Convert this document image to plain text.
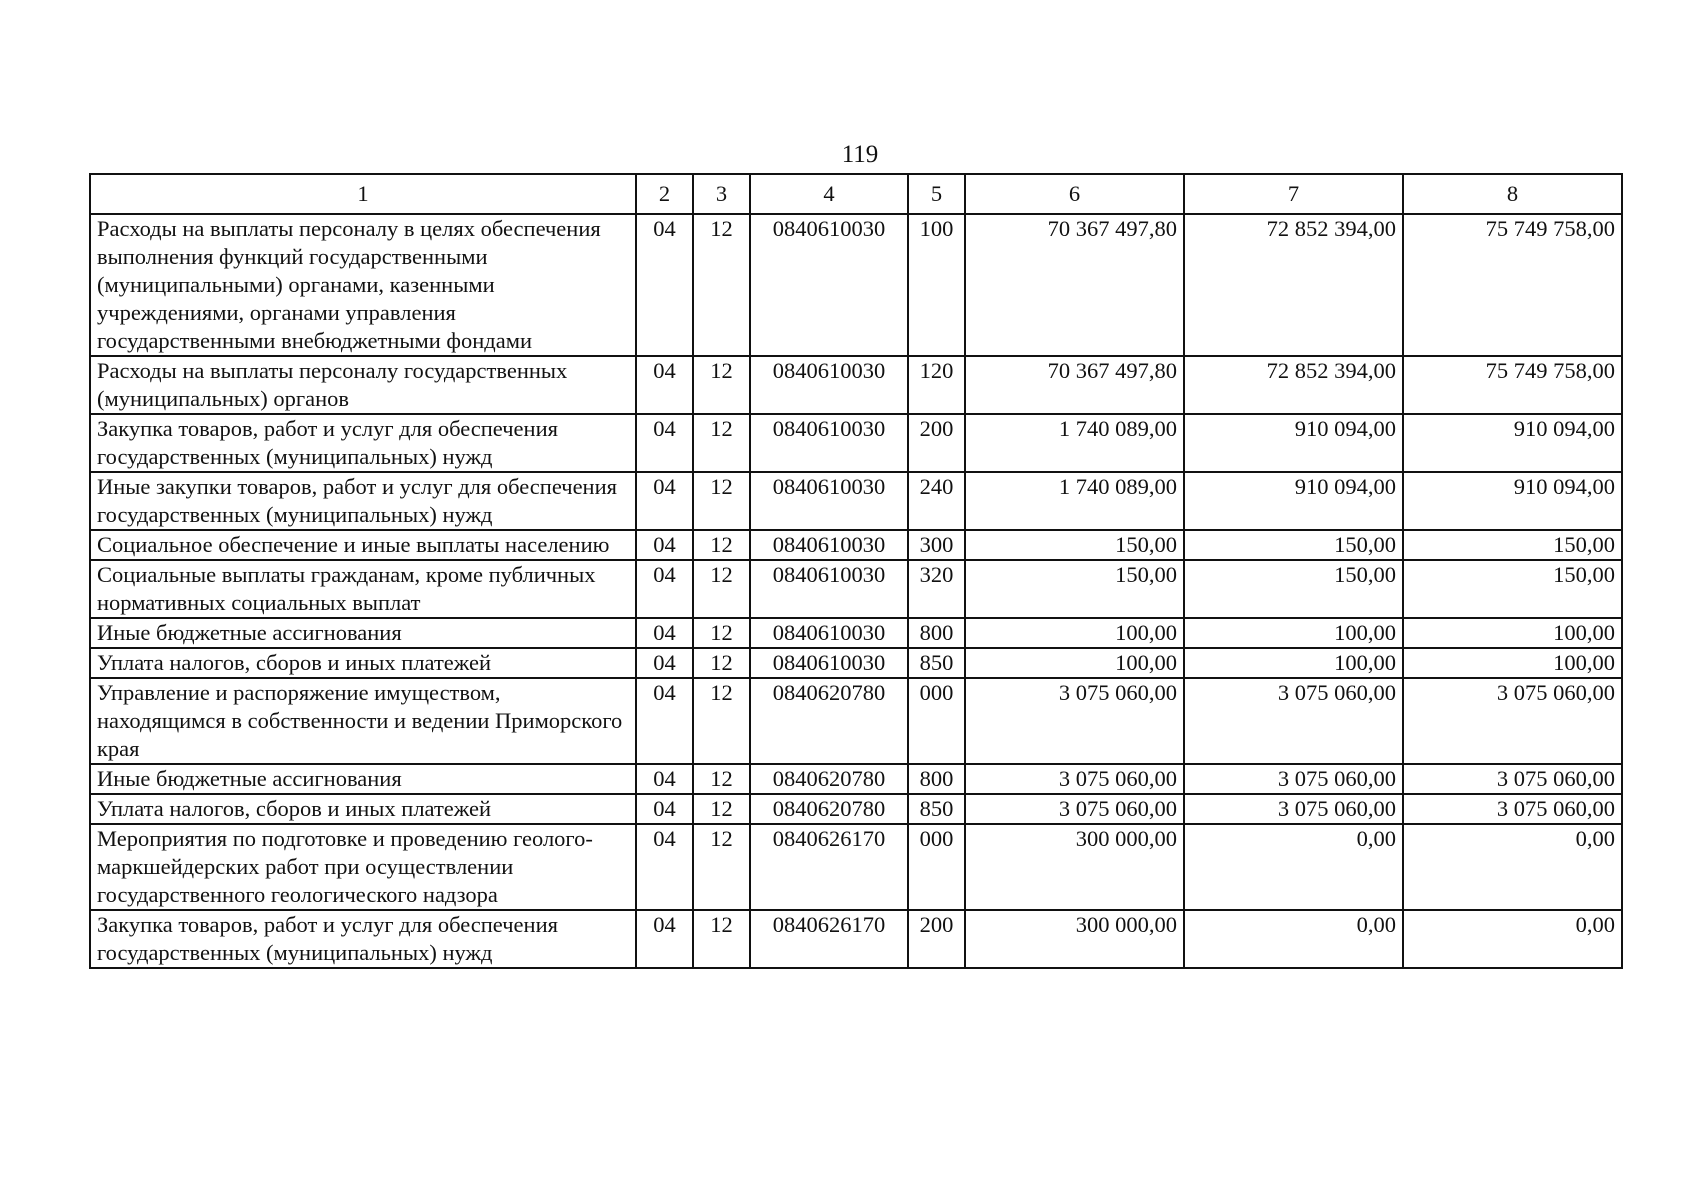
119
1	2	3	4	5	6	7	8
Расходы на выплаты персоналу в целях обеспечения выполнения функций государственными (муниципальными) органами, казенными учреждениями, органами управления государственными внебюджетными фондами	04	12	0840610030	100	70 367 497,80	72 852 394,00	75 749 758,00
Расходы на выплаты персоналу государственных (муниципальных) органов	04	12	0840610030	120	70 367 497,80	72 852 394,00	75 749 758,00
Закупка товаров, работ и услуг для обеспечения государственных (муниципальных) нужд	04	12	0840610030	200	1 740 089,00	910 094,00	910 094,00
Иные закупки товаров, работ и услуг для обеспечения государственных (муниципальных) нужд	04	12	0840610030	240	1 740 089,00	910 094,00	910 094,00
Социальное обеспечение и иные выплаты населению	04	12	0840610030	300	150,00	150,00	150,00
Социальные выплаты гражданам, кроме публичных нормативных социальных выплат	04	12	0840610030	320	150,00	150,00	150,00
Иные бюджетные ассигнования	04	12	0840610030	800	100,00	100,00	100,00
Уплата налогов, сборов и иных платежей	04	12	0840610030	850	100,00	100,00	100,00
Управление и распоряжение имуществом, находящимся в собственности и ведении Приморского края	04	12	0840620780	000	3 075 060,00	3 075 060,00	3 075 060,00
Иные бюджетные ассигнования	04	12	0840620780	800	3 075 060,00	3 075 060,00	3 075 060,00
Уплата налогов, сборов и иных платежей	04	12	0840620780	850	3 075 060,00	3 075 060,00	3 075 060,00
Мероприятия по подготовке и проведению геолого-маркшейдерских работ при осуществлении государственного геологического надзора	04	12	0840626170	000	300 000,00	0,00	0,00
Закупка товаров, работ и услуг для обеспечения государственных (муниципальных) нужд	04	12	0840626170	200	300 000,00	0,00	0,00
